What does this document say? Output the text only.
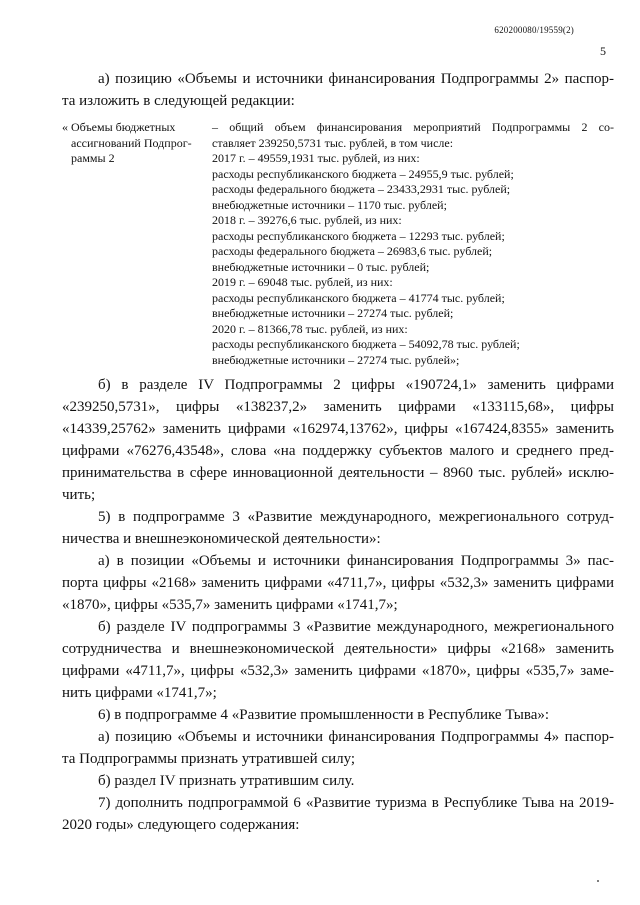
620200080/19559(2)
5
а) позицию «Объемы и источники финансирования Подпрограммы 2» паспор-
та изложить в следующей редакции:
« Объемы бюджетных
ассигнований Подпрог-
раммы 2
– общий объем финансирования мероприятий Подпрограммы 2 со-
ставляет 239250,5731 тыс. рублей, в том числе:
2017 г. – 49559,1931 тыс. рублей, из них:
расходы республиканского бюджета – 24955,9 тыс. рублей;
расходы федерального бюджета – 23433,2931 тыс. рублей;
внебюджетные источники – 1170 тыс. рублей;
2018 г. – 39276,6 тыс. рублей, из них:
расходы республиканского бюджета – 12293 тыс. рублей;
расходы федерального бюджета – 26983,6 тыс. рублей;
внебюджетные источники – 0 тыс. рублей;
2019 г. – 69048 тыс. рублей, из них:
расходы республиканского бюджета – 41774 тыс. рублей;
внебюджетные источники – 27274 тыс. рублей;
2020 г. – 81366,78 тыс. рублей, из них:
расходы республиканского бюджета – 54092,78 тыс. рублей;
внебюджетные источники – 27274 тыс. рублей»;
б) в разделе IV Подпрограммы 2 цифры «190724,1» заменить цифрами
«239250,5731», цифры «138237,2» заменить цифрами «133115,68», цифры
«14339,25762» заменить цифрами «162974,13762», цифры «167424,8355» заменить
цифрами «76276,43548», слова «на поддержку субъектов малого и среднего пред-
принимательства в сфере инновационной деятельности – 8960 тыс. рублей» исклю-
чить;
5) в подпрограмме 3 «Развитие международного, межрегионального сотруд-
ничества и внешнеэкономической деятельности»:
а) в позиции «Объемы и источники финансирования Подпрограммы 3» пас-
порта цифры «2168» заменить цифрами «4711,7», цифры «532,3» заменить цифрами
«1870», цифры «535,7» заменить цифрами «1741,7»;
б) разделе IV подпрограммы 3 «Развитие международного, межрегионального
сотрудничества и внешнеэкономической деятельности» цифры «2168» заменить
цифрами «4711,7», цифры «532,3» заменить цифрами «1870», цифры «535,7» заме-
нить цифрами «1741,7»;
6) в подпрограмме 4 «Развитие промышленности в Республике Тыва»:
а) позицию «Объемы и источники финансирования Подпрограммы 4» паспор-
та Подпрограммы признать утратившей силу;
б) раздел IV признать утратившим силу.
7) дополнить подпрограммой 6 «Развитие туризма в Республике Тыва на 2019-
2020 годы» следующего содержания:
